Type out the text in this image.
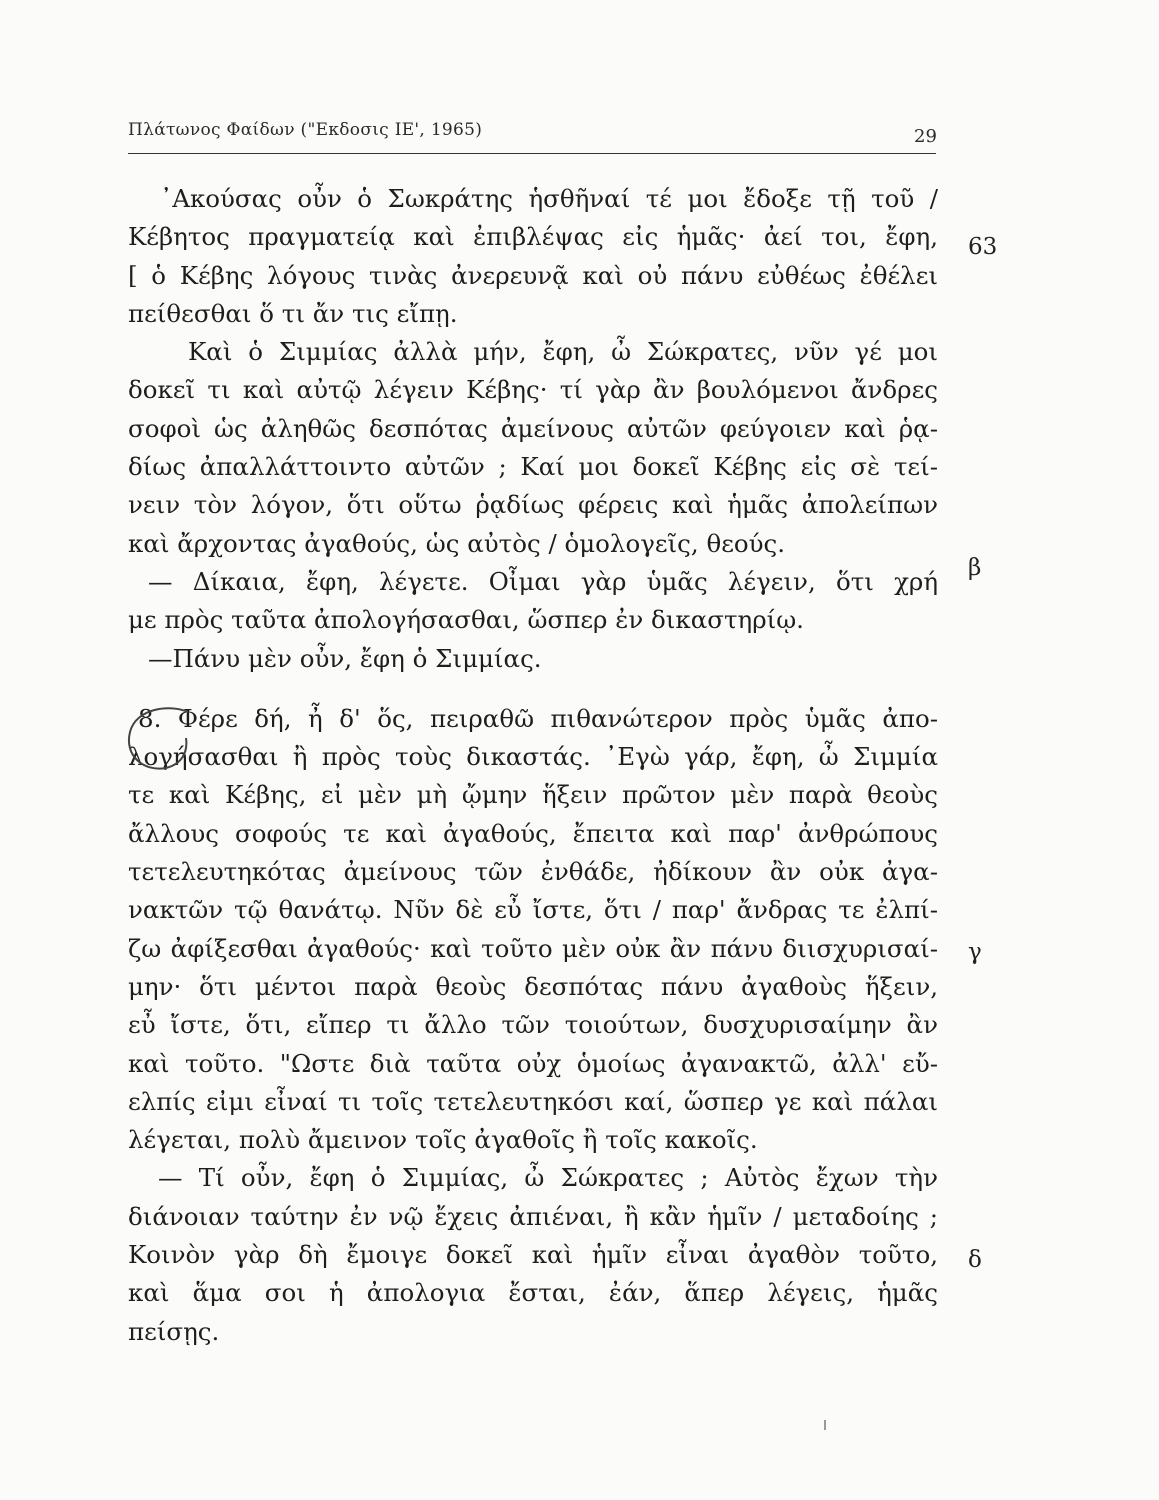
Πλάτωνος Φαίδων ("Εκδοσις ΙΕ', 1965)	29
᾿Ακούσας οὖν ὁ Σωκράτης ἡσθῆναί τέ μοι ἔδοξε τῇ τοῦ /
Κέβητος πραγματείᾳ καὶ ἐπιβλέψας εἰς ἡμᾶς· ἀεί τοι, ἔφη,
[ ὁ Κέβης λόγους τινὰς ἀνερευνᾷ καὶ οὐ πάνυ εὐθέως ἐθέλει
πείθεσθαι ὅ τι ἄν τις εἴπῃ.
Καὶ ὁ Σιμμίας ἀλλὰ μήν, ἔφη, ὦ Σώκρατες, νῦν γέ μοι
δοκεῖ τι καὶ αὐτῷ λέγειν Κέβης· τί γὰρ ἂν βουλόμενοι ἄνδρες
σοφοὶ ὡς ἀληθῶς δεσπότας ἀμείνους αὐτῶν φεύγοιεν καὶ ῥᾳ-
δίως ἀπαλλάττοιντο αὐτῶν ; Καί μοι δοκεῖ Κέβης εἰς σὲ τεί-
νειν τὸν λόγον, ὅτι οὕτω ῥᾳδίως φέρεις καὶ ἡμᾶς ἀπολείπων
καὶ ἄρχοντας ἀγαθούς, ὡς αὐτὸς / ὁμολογεῖς, θεούς.
— Δίκαια, ἔφη, λέγετε. Οἶμαι γὰρ ὑμᾶς λέγειν, ὅτι χρή
με πρὸς ταῦτα ἀπολογήσασθαι, ὥσπερ ἐν δικαστηρίῳ.
—Πάνυ μὲν οὖν, ἔφη ὁ Σιμμίας.
8. Φέρε δή, ἦ δ' ὅς, πειραθῶ πιθανώτερον πρὸς ὑμᾶς ἀπο-
λογήσασθαι ἢ πρὸς τοὺς δικαστάς. ᾿Εγὼ γάρ, ἔφη, ὦ Σιμμία
τε καὶ Κέβης, εἰ μὲν μὴ ᾤμην ἥξειν πρῶτον μὲν παρὰ θεοὺς
ἄλλους σοφούς τε καὶ ἀγαθούς, ἔπειτα καὶ παρ' ἀνθρώπους
τετελευτηκότας ἀμείνους τῶν ἐνθάδε, ἠδίκουν ἂν οὐκ ἀγα-
νακτῶν τῷ θανάτῳ. Νῦν δὲ εὖ ἴστε, ὅτι / παρ' ἄνδρας τε ἐλπί-
ζω ἀφίξεσθαι ἀγαθούς· καὶ τοῦτο μὲν οὐκ ἂν πάνυ διισχυρισαί-
μην· ὅτι μέντοι παρὰ θεοὺς δεσπότας πάνυ ἀγαθοὺς ἥξειν,
εὖ ἴστε, ὅτι, εἴπερ τι ἄλλο τῶν τοιούτων, δυσχυρισαίμην ἂν
καὶ τοῦτο. "Ωστε διὰ ταῦτα οὐχ ὁμοίως ἀγανακτῶ, ἀλλ' εὔ-
ελπίς εἰμι εἶναί τι τοῖς τετελευτηκόσι καί, ὥσπερ γε καὶ πάλαι
λέγεται, πολὺ ἄμεινον τοῖς ἀγαθοῖς ἢ τοῖς κακοῖς.
— Τί οὖν, ἔφη ὁ Σιμμίας, ὦ Σώκρατες ; Αὐτὸς ἔχων τὴν
διάνοιαν ταύτην ἐν νῷ ἔχεις ἀπιέναι, ἢ κἂν ἡμῖν / μεταδοίης ;
Κοινὸν γὰρ δὴ ἔμοιγε δοκεῖ καὶ ἡμῖν εἶναι ἀγαθὸν τοῦτο,
καὶ ἅμα σοι ἡ ἀπολογια ἔσται, ἐάν, ἅπερ λέγεις, ἡμᾶς
πείσῃς.
63
β
γ
δ
